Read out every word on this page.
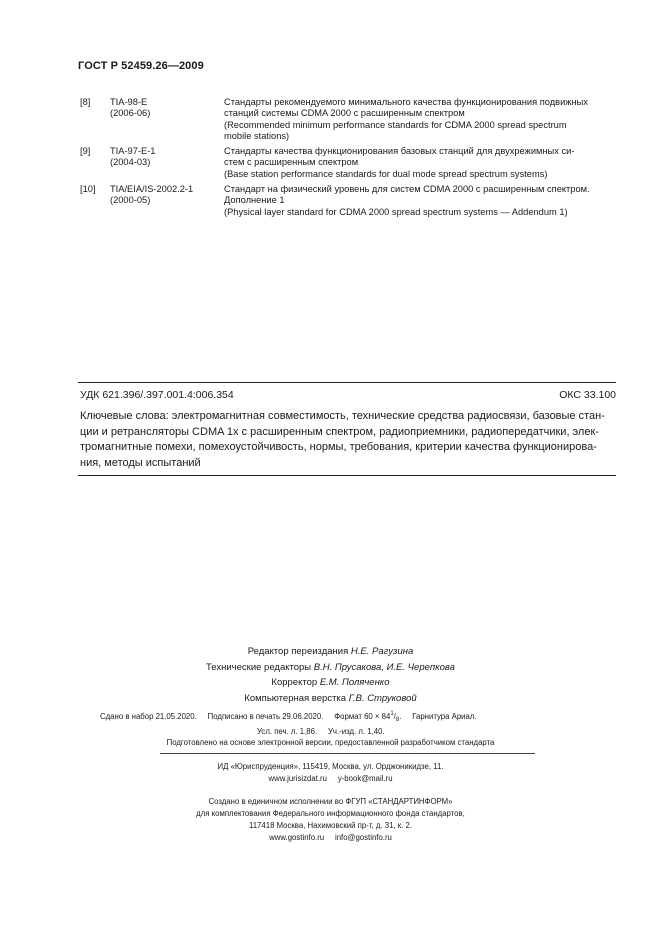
ГОСТ Р 52459.26—2009
[8] TIA-98-E
(2006-06)
Стандарты рекомендуемого минимального качества функционирования подвижных
станций системы CDMA 2000 с расширенным спектром
(Recommended minimum performance standards for CDMA 2000 spread spectrum
mobile stations)
[9] TIA-97-E-1
(2004-03)
Стандарты качества функционирования базовых станций для двухрежимных си-
стем с расширенным спектром
(Base station performance standards for dual mode spread spectrum systems)
[10] TIA/EIA/IS-2002.2-1
(2000-05)
Стандарт на физический уровень для систем CDMA 2000 с расширенным спектром.
Дополнение 1
(Physical layer standard for CDMA 2000 spread spectrum systems — Addendum 1)
УДК 621.396/.397.001.4:006.354	ОКС 33.100
Ключевые слова: электромагнитная совместимость, технические средства радиосвязи, базовые стан-
ции и ретрансляторы CDMA 1x с расширенным спектром, радиоприемники, радиопередатчики, элек-
тромагнитные помехи, помехоустойчивость, нормы, требования, критерии качества функционирова-
ния, методы испытаний
Редактор переиздания Н.Е. Рагузина
Технические редакторы В.Н. Прусакова, И.Е. Черепкова
Корректор Е.М. Поляченко
Компьютерная верстка Г.В. Струковой
Сдано в набор 21.05.2020. Подписано в печать 29.06.2020. Формат $60 \times 84^1/_8$. Гарнитура Ариал.
Усл. печ. л. 1,86. Уч.-изд. л. 1,40.
Подготовлено на основе электронной версии, предоставленной разработчиком стандарта
ИД «Юриспруденция», 115419, Москва, ул. Орджоникидзе, 11.
www.jurisizdat.ru y-book@mail.ru
Создано в единичном исполнении во ФГУП «СТАНДАРТИНФОРМ»
для комплектования Федерального информационного фонда стандартов,
117418 Москва, Нахимовский пр-т, д. 31, к. 2.
www.gostinfo.ru info@gostinfo.ru
